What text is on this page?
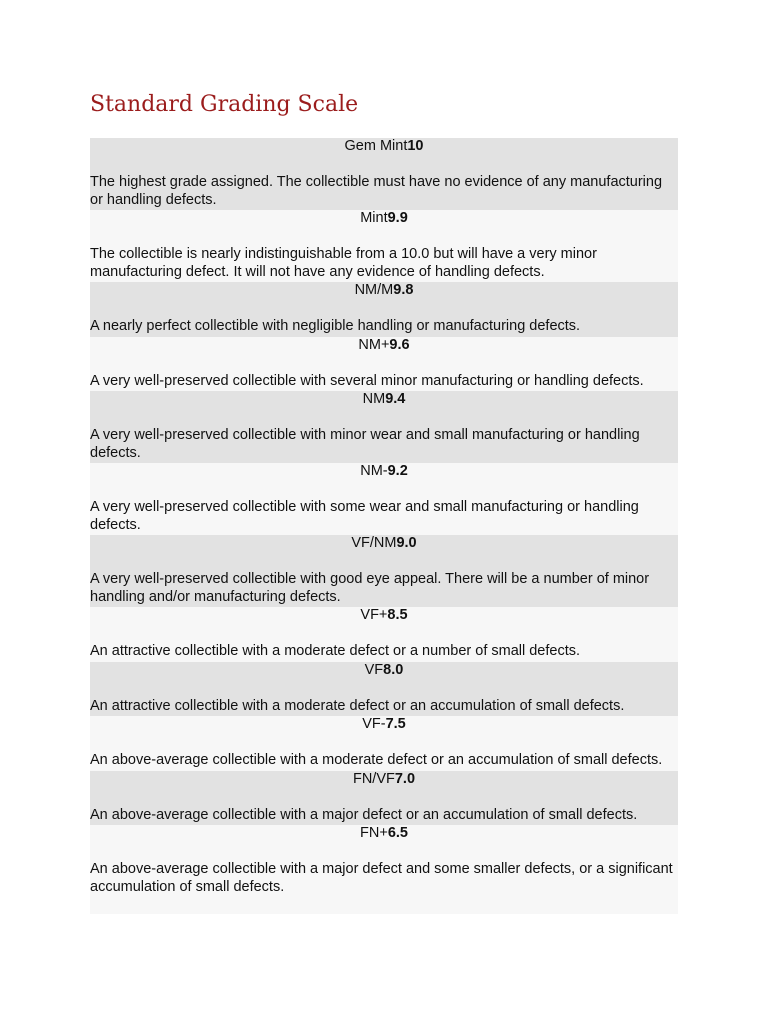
Standard Grading Scale
Gem Mint10

The highest grade assigned. The collectible must have no evidence of any manufacturing or handling defects.

Mint9.9

The collectible is nearly indistinguishable from a 10.0 but will have a very minor manufacturing defect. It will not have any evidence of handling defects.

NM/M9.8

A nearly perfect collectible with negligible handling or manufacturing defects.

NM+9.6

A very well-preserved collectible with several minor manufacturing or handling defects.

NM9.4

A very well-preserved collectible with minor wear and small manufacturing or handling defects.

NM-9.2

A very well-preserved collectible with some wear and small manufacturing or handling defects.

VF/NM9.0

A very well-preserved collectible with good eye appeal. There will be a number of minor handling and/or manufacturing defects.

VF+8.5

An attractive collectible with a moderate defect or a number of small defects.

VF8.0

An attractive collectible with a moderate defect or an accumulation of small defects.

VF-7.5

An above-average collectible with a moderate defect or an accumulation of small defects.

FN/VF7.0

An above-average collectible with a major defect or an accumulation of small defects.

FN+6.5

An above-average collectible with a major defect and some smaller defects, or a significant accumulation of small defects.
